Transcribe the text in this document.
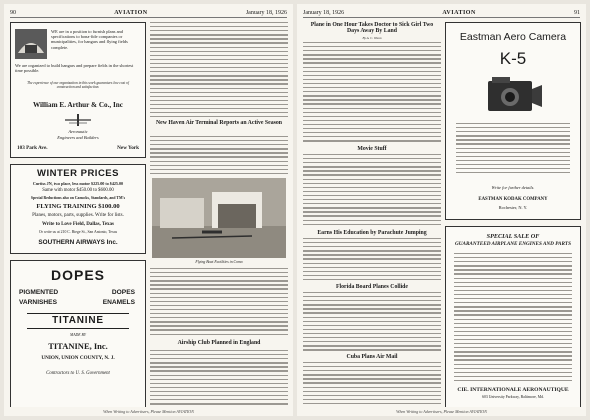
90	AVIATION	January 18, 1926
WE are in a position to furnish plans and specifications to bona-fide companies or municipalities, for hangars and flying fields complete.
We are organized to build hangars and prepare fields in the shortest time possible.
The experience of our organization in this work guarantees low cost of construction and satisfaction.
William E. Arthur & Co., Inc
Aeronautic
Engineers and Builders
103 Park Ave.	New York
WINTER PRICES
Curtiss JN, two place, less motor $225.00 to $425.00
Same with motor $450.00 to $600.00
Special Reductions also on Canucks, Standards, and TM's
FLYING TRAINING $100.00
Planes, motors, parts, supplies. Write for lists.
Write to Love Field, Dallas, Texas
Or write us at 210 C. Biege St., San Antonio, Texas
SOUTHERN AIRWAYS Inc.
DOPES
PIGMENTED	DOPES
VARNISHES	ENAMELS
TITANINE
MADE BY
TITANINE, Inc.
UNION, UNION COUNTY, N. J.
Contractors to U. S. Government
New Haven Air Terminal Reports an Active Season
Flying Boat Facilities in Como
Airship Club Planned in England
When Writing to Advertisers, Please Mention AVIATION
January 18, 1926	AVIATION	91
Plane in One Hour Takes Doctor to Sick Girl Two Days Away By Land
By A. C. Olson
Movie Stuff
Earns His Education by Parachute Jumping
Florida Board Planes Collide
Cuba Plans Air Mail
Eastman Aero Camera
K-5
Write for further details.
EASTMAN KODAK COMPANY
Rochester, N. Y.
SPECIAL SALE OF
GUARANTEED AIRPLANE ENGINES AND PARTS
CIE. INTERNATIONALE AERONAUTIQUE
603 University Parkway, Baltimore, Md.
When Writing to Advertisers, Please Mention AVIATION
